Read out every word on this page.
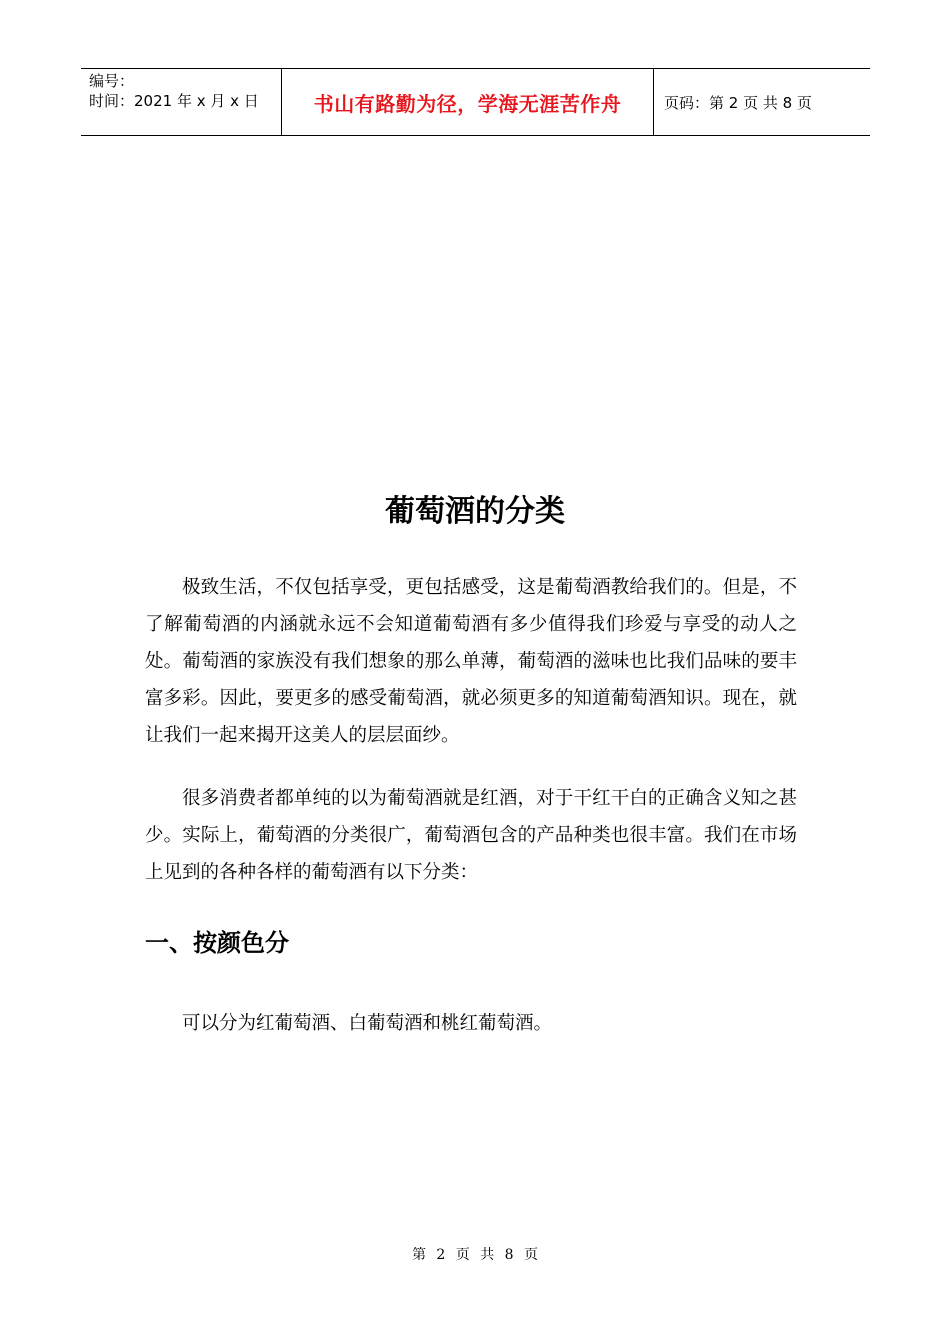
编号：
时间：2021 年 x 月 x 日	书山有路勤为径，学海无涯苦作舟	页码：第 2 页 共 8 页
葡萄酒的分类

极致生活，不仅包括享受，更包括感受，这是葡萄酒教给我们的。但是，不了解葡萄酒的内涵就永远不会知道葡萄酒有多少值得我们珍爱与享受的动人之处。葡萄酒的家族没有我们想象的那么单薄，葡萄酒的滋味也比我们品味的要丰富多彩。因此，要更多的感受葡萄酒，就必须更多的知道葡萄酒知识。现在，就让我们一起来揭开这美人的层层面纱。

很多消费者都单纯的以为葡萄酒就是红酒，对于干红干白的正确含义知之甚少。实际上，葡萄酒的分类很广，葡萄酒包含的产品种类也很丰富。我们在市场上见到的各种各样的葡萄酒有以下分类：

一、按颜色分
可以分为红葡萄酒、白葡萄酒和桃红葡萄酒。
第 2 页 共 8 页
